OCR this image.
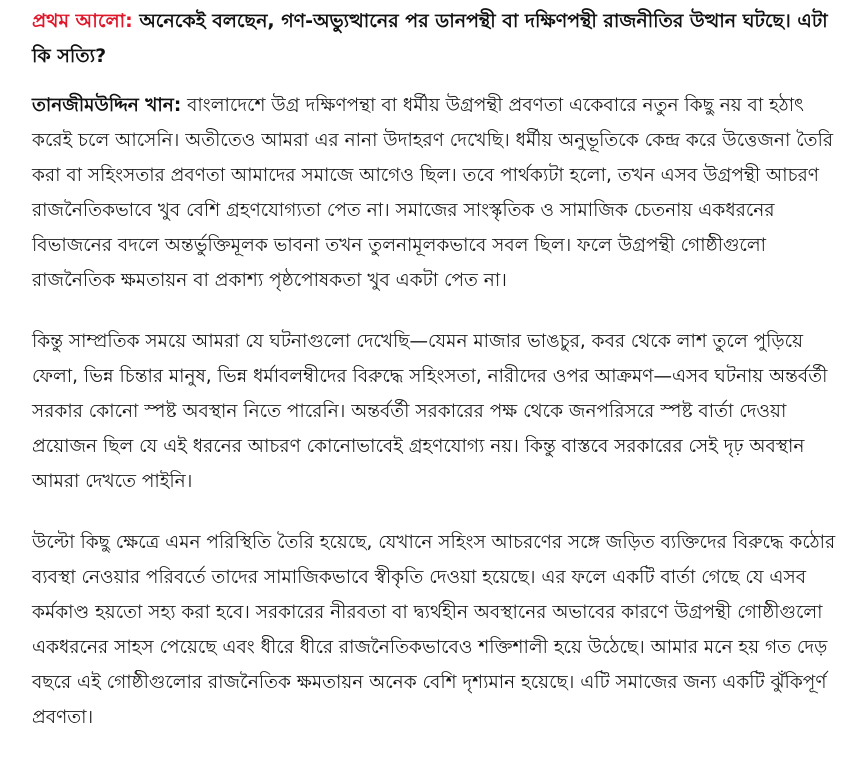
প্রথম আলো: অনেকেই বলছেন, গণ-অভ্যুত্থানের পর ডানপন্থী বা দক্ষিণপন্থী রাজনীতির উত্থান ঘটছে। এটা কি সত্যি?

তানজীমউদ্দিন খান: বাংলাদেশে উগ্র দক্ষিণপন্থা বা ধর্মীয় উগ্রপন্থী প্রবণতা একেবারে নতুন কিছু নয় বা হঠাৎ করেই চলে আসেনি। অতীতেও আমরা এর নানা উদাহরণ দেখেছি। ধর্মীয় অনুভূতিকে কেন্দ্র করে উত্তেজনা তৈরি করা বা সহিংসতার প্রবণতা আমাদের সমাজে আগেও ছিল। তবে পার্থক্যটা হলো, তখন এসব উগ্রপন্থী আচরণ রাজনৈতিকভাবে খুব বেশি গ্রহণযোগ্যতা পেত না। সমাজের সাংস্কৃতিক ও সামাজিক চেতনায় একধরনের বিভাজনের বদলে অন্তর্ভুক্তিমূলক ভাবনা তখন তুলনামূলকভাবে সবল ছিল। ফলে উগ্রপন্থী গোষ্ঠীগুলো রাজনৈতিক ক্ষমতায়ন বা প্রকাশ্য পৃষ্ঠপোষকতা খুব একটা পেত না।

কিন্তু সাম্প্রতিক সময়ে আমরা যে ঘটনাগুলো দেখেছি—যেমন মাজার ভাঙচুর, কবর থেকে লাশ তুলে পুড়িয়ে ফেলা, ভিন্ন চিন্তার মানুষ, ভিন্ন ধর্মাবলম্বীদের বিরুদ্ধে সহিংসতা, নারীদের ওপর আক্রমণ—এসব ঘটনায় অন্তর্বর্তী সরকার কোনো স্পষ্ট অবস্থান নিতে পারেনি। অন্তর্বর্তী সরকারের পক্ষ থেকে জনপরিসরে স্পষ্ট বার্তা দেওয়া প্রয়োজন ছিল যে এই ধরনের আচরণ কোনোভাবেই গ্রহণযোগ্য নয়। কিন্তু বাস্তবে সরকারের সেই দৃঢ় অবস্থান আমরা দেখতে পাইনি।

উল্টো কিছু ক্ষেত্রে এমন পরিস্থিতি তৈরি হয়েছে, যেখানে সহিংস আচরণের সঙ্গে জড়িত ব্যক্তিদের বিরুদ্ধে কঠোর ব্যবস্থা নেওয়ার পরিবর্তে তাদের সামাজিকভাবে স্বীকৃতি দেওয়া হয়েছে। এর ফলে একটি বার্তা গেছে যে এসব কর্মকাণ্ড হয়তো সহ্য করা হবে। সরকারের নীরবতা বা দ্ব্যর্থহীন অবস্থানের অভাবের কারণে উগ্রপন্থী গোষ্ঠীগুলো একধরনের সাহস পেয়েছে এবং ধীরে ধীরে রাজনৈতিকভাবেও শক্তিশালী হয়ে উঠেছে। আমার মনে হয় গত দেড় বছরে এই গোষ্ঠীগুলোর রাজনৈতিক ক্ষমতায়ন অনেক বেশি দৃশ্যমান হয়েছে। এটি সমাজের জন্য একটি ঝুঁকিপূর্ণ প্রবণতা।
